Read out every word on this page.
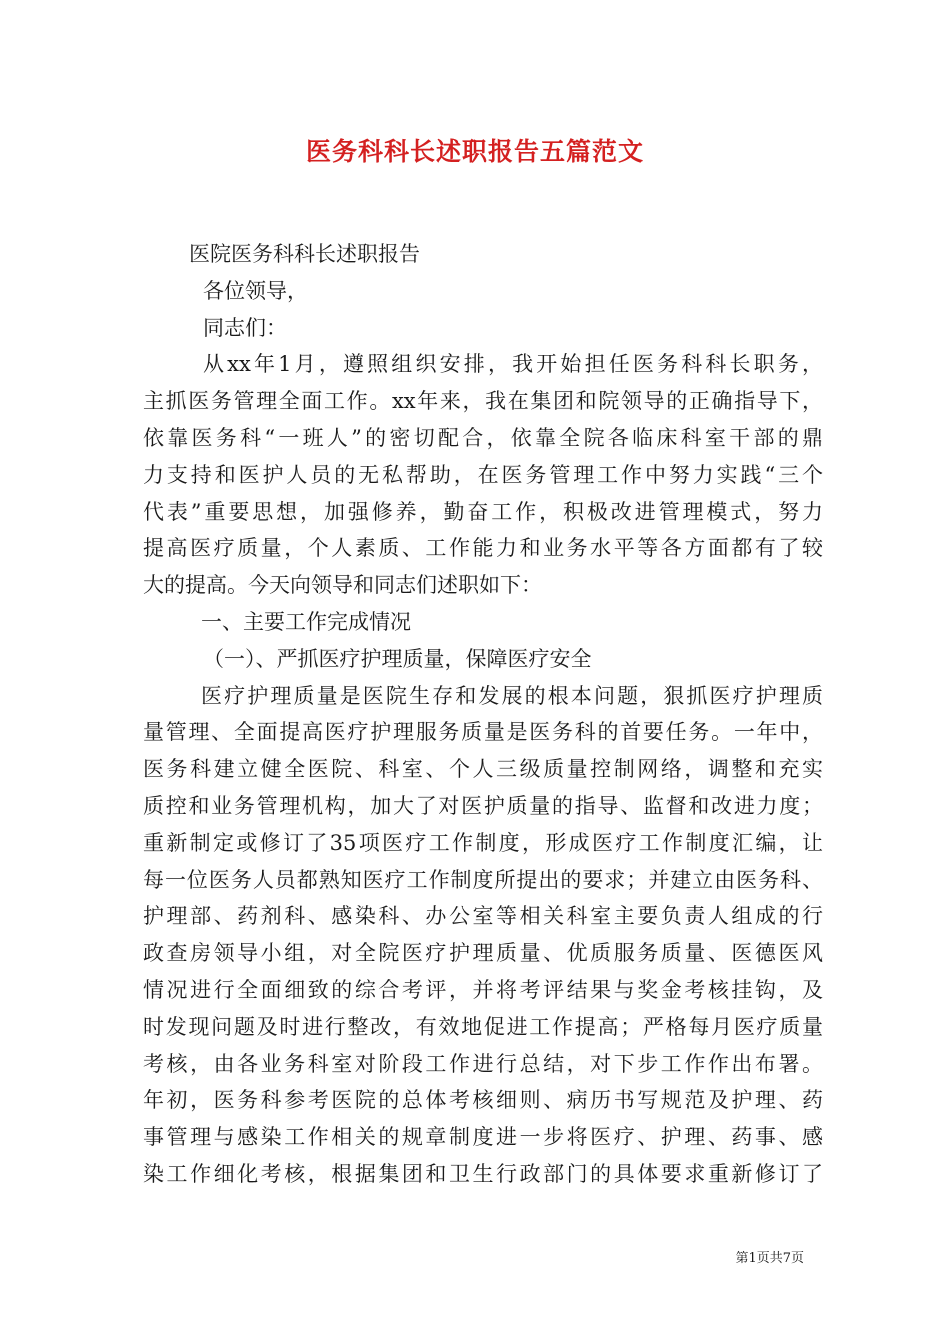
医务科科长述职报告五篇范文

医院医务科科长述职报告

各位领导，

同志们：

从xx年1月，遵照组织安排，我开始担任医务科科长职务，
主抓医务管理全面工作。xx年来，我在集团和院领导的正确指导下，
依靠医务科“一班人”的密切配合，依靠全院各临床科室干部的鼎
力支持和医护人员的无私帮助，在医务管理工作中努力实践“三个
代表”重要思想，加强修养，勤奋工作，积极改进管理模式，努力
提高医疗质量，个人素质、工作能力和业务水平等各方面都有了较
大的提高。今天向领导和同志们述职如下：

一、主要工作完成情况

（一）、严抓医疗护理质量，保障医疗安全

医疗护理质量是医院生存和发展的根本问题，狠抓医疗护理质
量管理、全面提高医疗护理服务质量是医务科的首要任务。一年中，
医务科建立健全医院、科室、个人三级质量控制网络，调整和充实
质控和业务管理机构，加大了对医护质量的指导、监督和改进力度；
重新制定或修订了35项医疗工作制度，形成医疗工作制度汇编，让
每一位医务人员都熟知医疗工作制度所提出的要求；并建立由医务科、
护理部、药剂科、感染科、办公室等相关科室主要负责人组成的行
政查房领导小组，对全院医疗护理质量、优质服务质量、医德医风
情况进行全面细致的综合考评，并将考评结果与奖金考核挂钩，及
时发现问题及时进行整改，有效地促进工作提高；严格每月医疗质量
考核，由各业务科室对阶段工作进行总结，对下步工作作出布署。
年初，医务科参考医院的总体考核细则、病历书写规范及护理、药
事管理与感染工作相关的规章制度进一步将医疗、护理、药事、感
染工作细化考核，根据集团和卫生行政部门的具体要求重新修订了

第1页共7页
